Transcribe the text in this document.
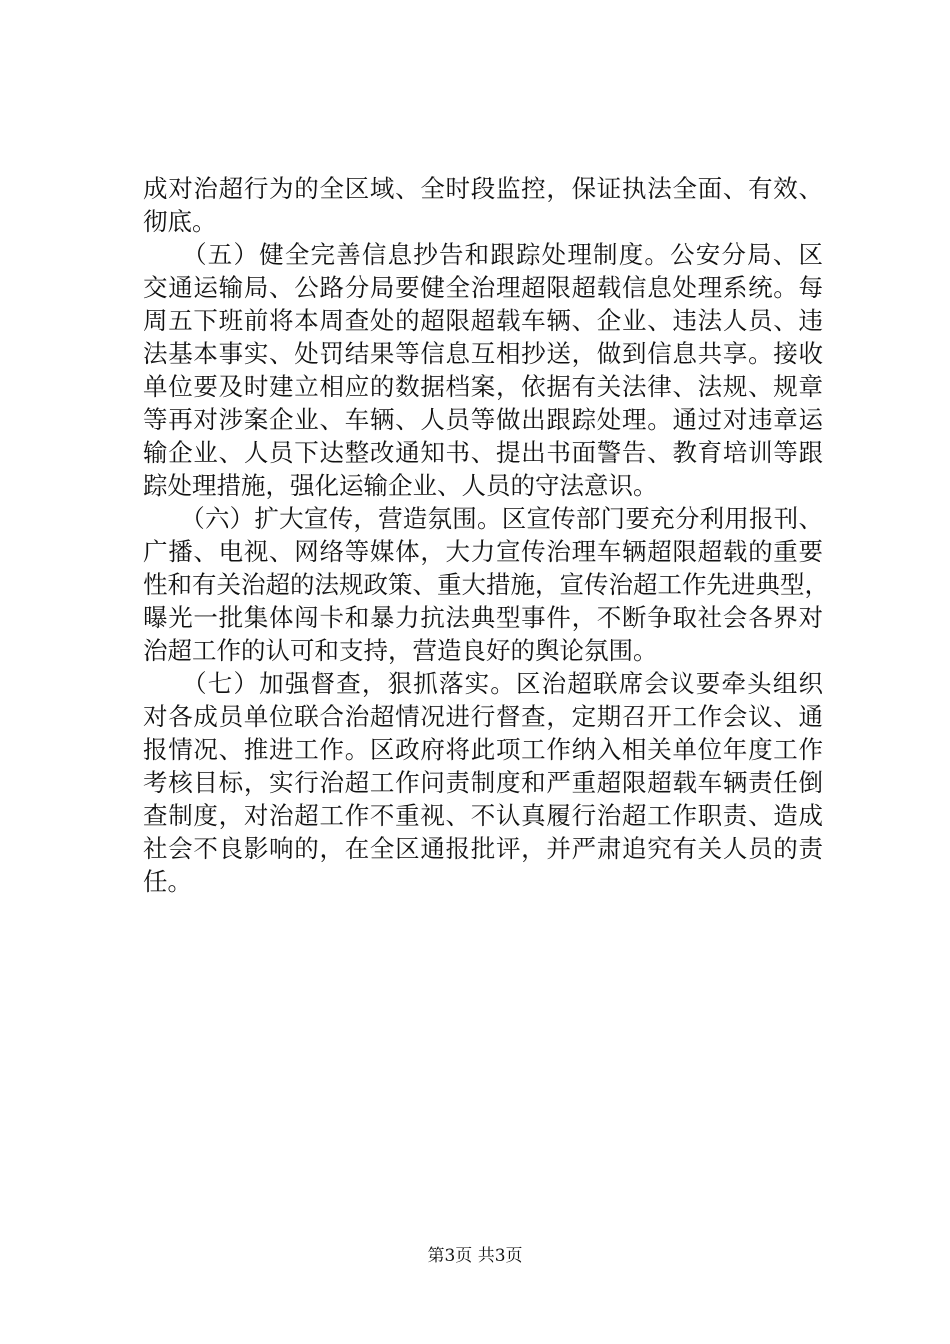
成对治超行为的全区域、全时段监控，保证执法全面、有效、
彻底。
　　（五）健全完善信息抄告和跟踪处理制度。公安分局、区
交通运输局、公路分局要健全治理超限超载信息处理系统。每
周五下班前将本周查处的超限超载车辆、企业、违法人员、违
法基本事实、处罚结果等信息互相抄送，做到信息共享。接收
单位要及时建立相应的数据档案，依据有关法律、法规、规章
等再对涉案企业、车辆、人员等做出跟踪处理。通过对违章运
输企业、人员下达整改通知书、提出书面警告、教育培训等跟
踪处理措施，强化运输企业、人员的守法意识。
　　（六）扩大宣传，营造氛围。区宣传部门要充分利用报刊、
广播、电视、网络等媒体，大力宣传治理车辆超限超载的重要
性和有关治超的法规政策、重大措施，宣传治超工作先进典型，
曝光一批集体闯卡和暴力抗法典型事件，不断争取社会各界对
治超工作的认可和支持，营造良好的舆论氛围。
　　（七）加强督查，狠抓落实。区治超联席会议要牵头组织
对各成员单位联合治超情况进行督查，定期召开工作会议、通
报情况、推进工作。区政府将此项工作纳入相关单位年度工作
考核目标，实行治超工作问责制度和严重超限超载车辆责任倒
查制度，对治超工作不重视、不认真履行治超工作职责、造成
社会不良影响的，在全区通报批评，并严肃追究有关人员的责
任。
第3页 共3页
